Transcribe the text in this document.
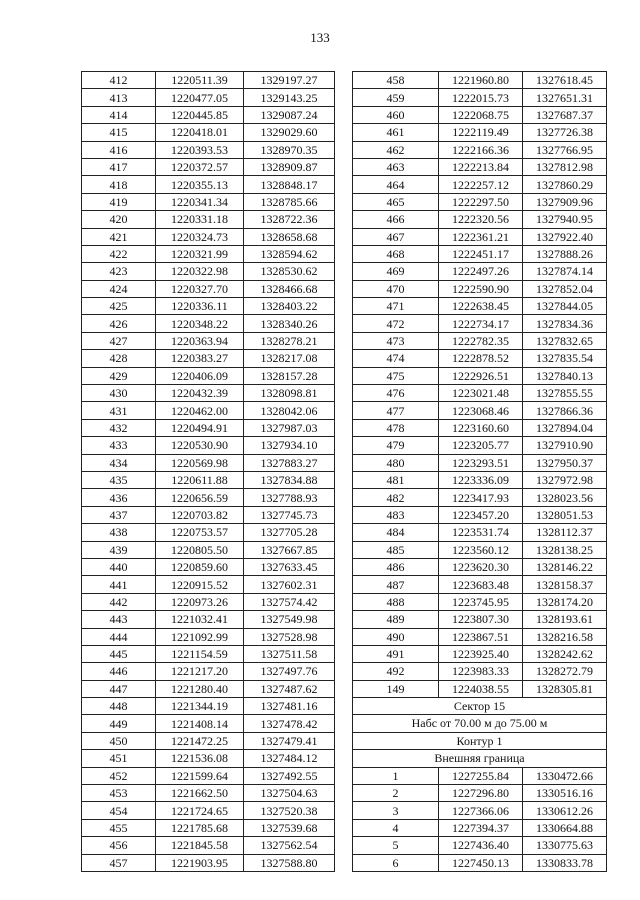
133
412	1220511.39	1329197.27
413	1220477.05	1329143.25
414	1220445.85	1329087.24
415	1220418.01	1329029.60
416	1220393.53	1328970.35
417	1220372.57	1328909.87
418	1220355.13	1328848.17
419	1220341.34	1328785.66
420	1220331.18	1328722.36
421	1220324.73	1328658.68
422	1220321.99	1328594.62
423	1220322.98	1328530.62
424	1220327.70	1328466.68
425	1220336.11	1328403.22
426	1220348.22	1328340.26
427	1220363.94	1328278.21
428	1220383.27	1328217.08
429	1220406.09	1328157.28
430	1220432.39	1328098.81
431	1220462.00	1328042.06
432	1220494.91	1327987.03
433	1220530.90	1327934.10
434	1220569.98	1327883.27
435	1220611.88	1327834.88
436	1220656.59	1327788.93
437	1220703.82	1327745.73
438	1220753.57	1327705.28
439	1220805.50	1327667.85
440	1220859.60	1327633.45
441	1220915.52	1327602.31
442	1220973.26	1327574.42
443	1221032.41	1327549.98
444	1221092.99	1327528.98
445	1221154.59	1327511.58
446	1221217.20	1327497.76
447	1221280.40	1327487.62
448	1221344.19	1327481.16
449	1221408.14	1327478.42
450	1221472.25	1327479.41
451	1221536.08	1327484.12
452	1221599.64	1327492.55
453	1221662.50	1327504.63
454	1221724.65	1327520.38
455	1221785.68	1327539.68
456	1221845.58	1327562.54
457	1221903.95	1327588.80
458	1221960.80	1327618.45
459	1222015.73	1327651.31
460	1222068.75	1327687.37
461	1222119.49	1327726.38
462	1222166.36	1327766.95
463	1222213.84	1327812.98
464	1222257.12	1327860.29
465	1222297.50	1327909.96
466	1222320.56	1327940.95
467	1222361.21	1327922.40
468	1222451.17	1327888.26
469	1222497.26	1327874.14
470	1222590.90	1327852.04
471	1222638.45	1327844.05
472	1222734.17	1327834.36
473	1222782.35	1327832.65
474	1222878.52	1327835.54
475	1222926.51	1327840.13
476	1223021.48	1327855.55
477	1223068.46	1327866.36
478	1223160.60	1327894.04
479	1223205.77	1327910.90
480	1223293.51	1327950.37
481	1223336.09	1327972.98
482	1223417.93	1328023.56
483	1223457.20	1328051.53
484	1223531.74	1328112.37
485	1223560.12	1328138.25
486	1223620.30	1328146.22
487	1223683.48	1328158.37
488	1223745.95	1328174.20
489	1223807.30	1328193.61
490	1223867.51	1328216.58
491	1223925.40	1328242.62
492	1223983.33	1328272.79
149	1224038.55	1328305.81
Сектор 15		
Набс от 70.00 м до 75.00 м		
Контур 1		
Внешняя граница		
1	1227255.84	1330472.66
2	1227296.80	1330516.16
3	1227366.06	1330612.26
4	1227394.37	1330664.88
5	1227436.40	1330775.63
6	1227450.13	1330833.78
